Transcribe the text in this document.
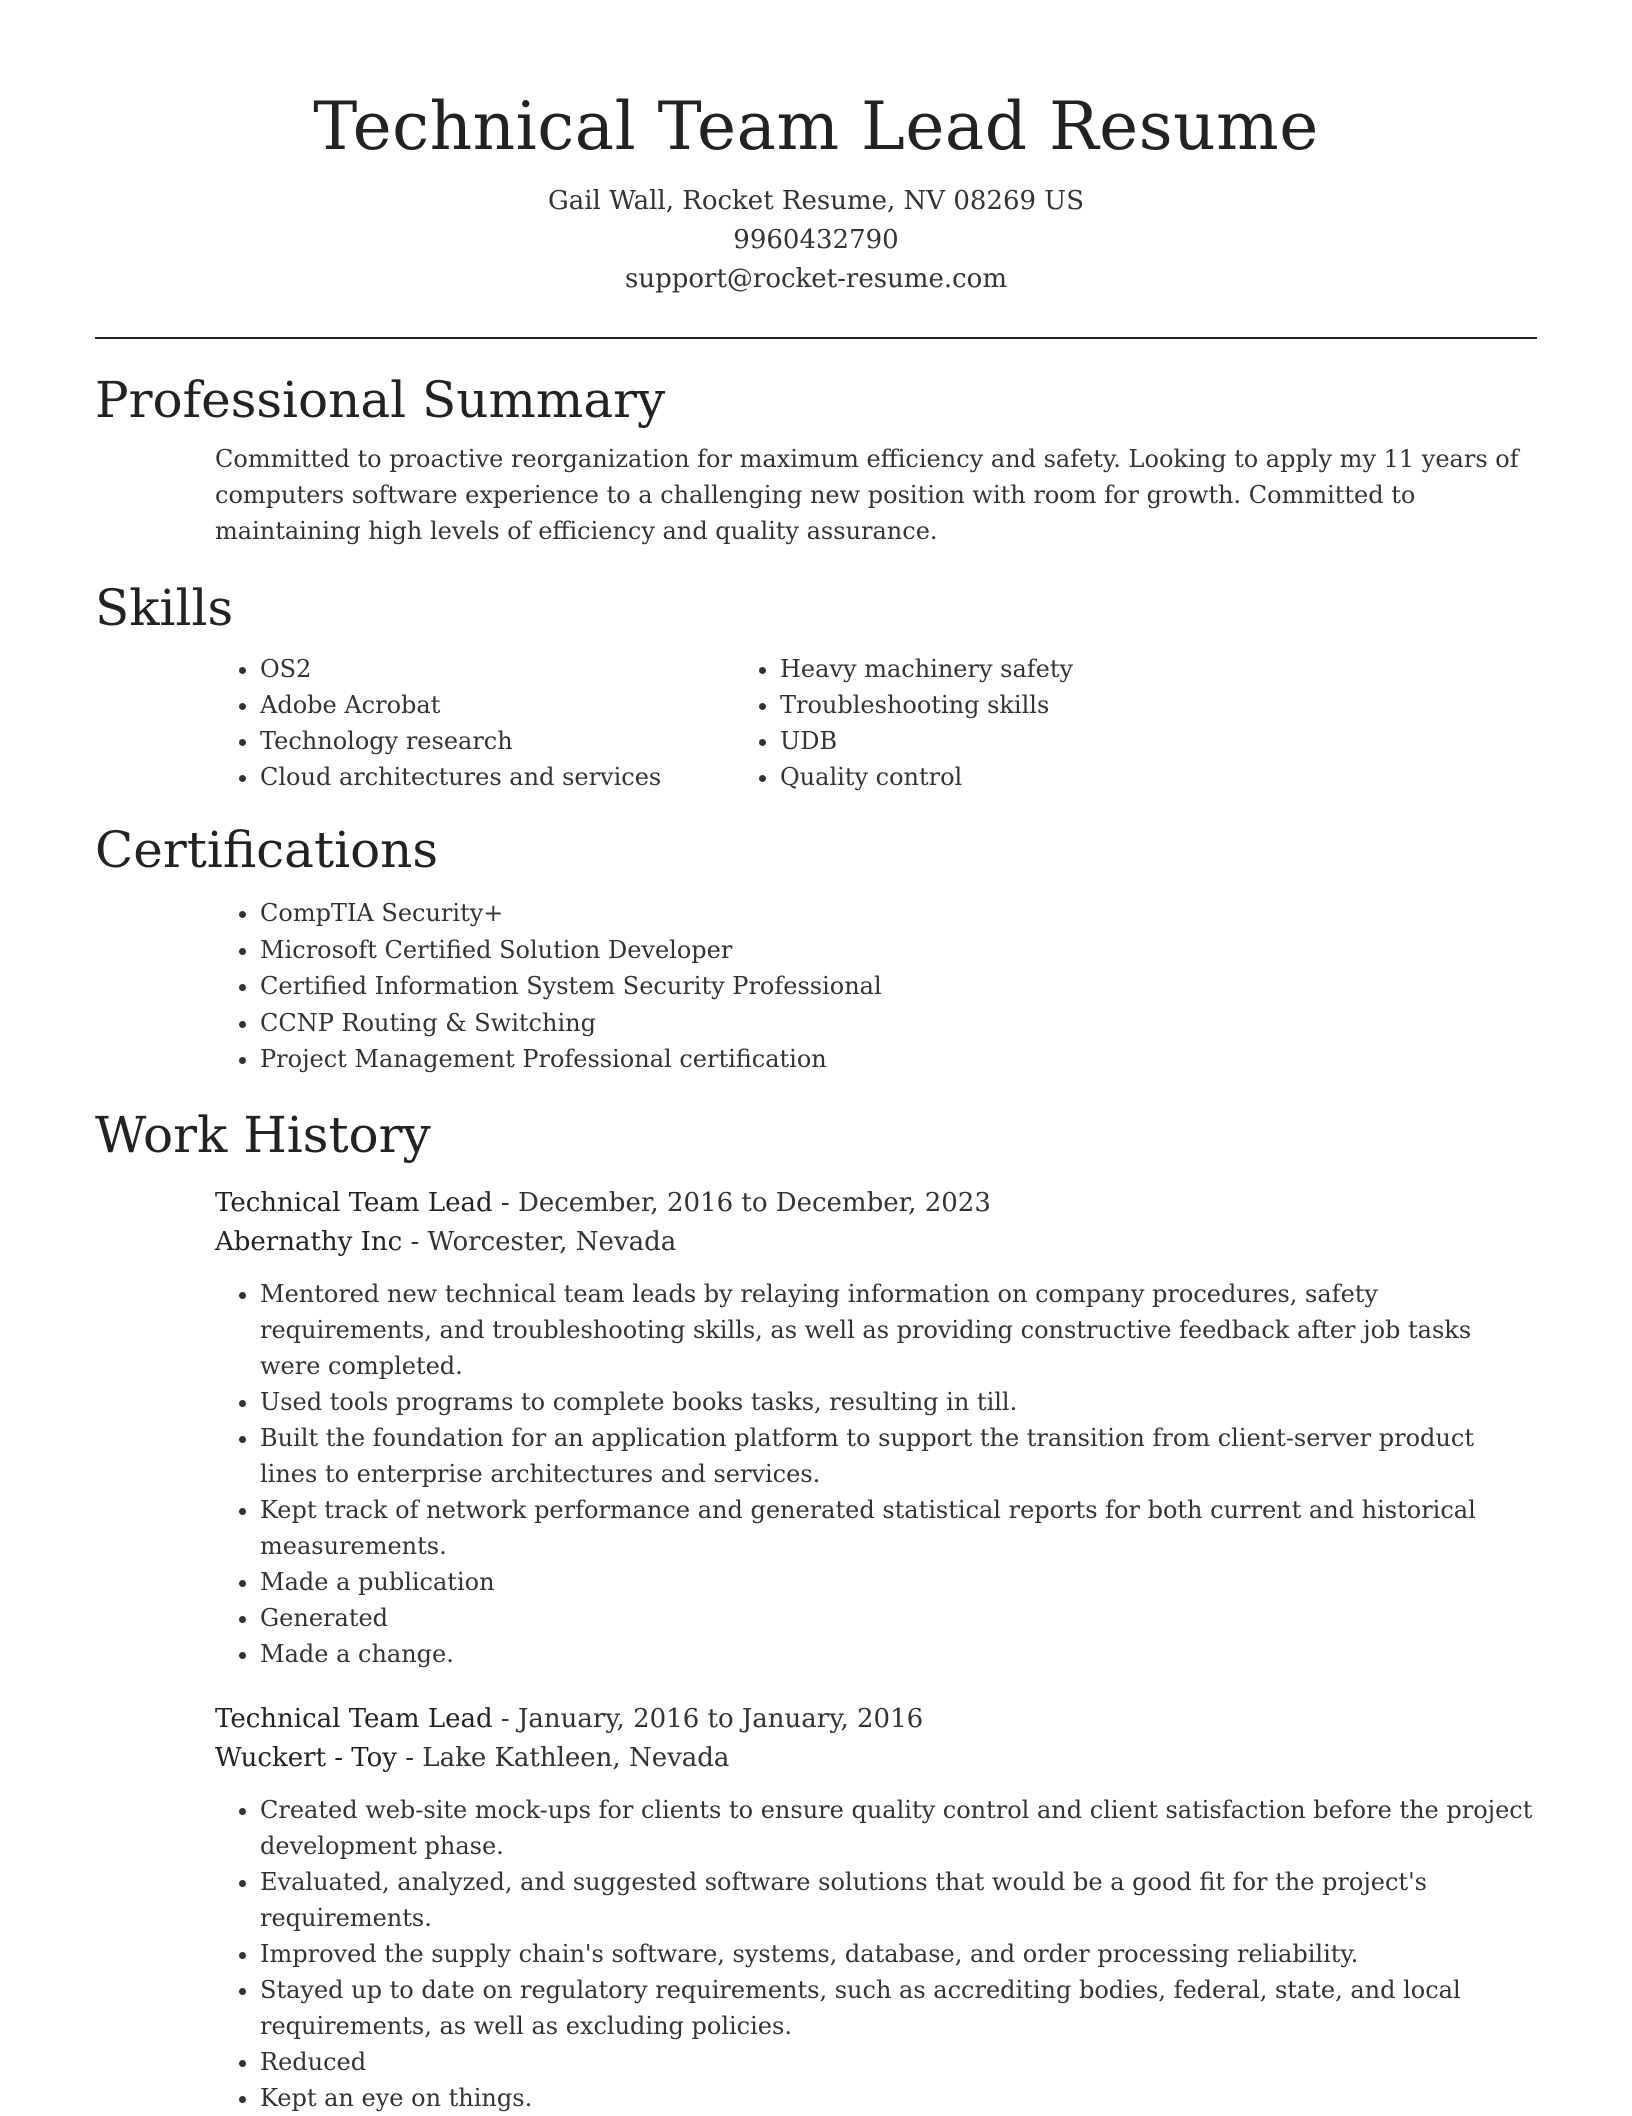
Technical Team Lead Resume
Gail Wall, Rocket Resume, NV 08269 US
9960432790
support@rocket-resume.com
Professional Summary

Committed to proactive reorganization for maximum efficiency and safety. Looking to apply my 11 years of computers software experience to a challenging new position with room for growth. Committed to maintaining high levels of efficiency and quality assurance.

Skills
• OS2
• Adobe Acrobat
• Technology research
• Cloud architectures and services
• Heavy machinery safety
• Troubleshooting skills
• UDB
• Quality control
Certifications
• CompTIA Security+
• Microsoft Certified Solution Developer
• Certified Information System Security Professional
• CCNP Routing & Switching
• Project Management Professional certification
Work History
Technical Team Lead - December, 2016 to December, 2023
Abernathy Inc - Worcester, Nevada
• Mentored new technical team leads by relaying information on company procedures, safety requirements, and troubleshooting skills, as well as providing constructive feedback after job tasks were completed.
• Used tools programs to complete books tasks, resulting in till.
• Built the foundation for an application platform to support the transition from client-server product lines to enterprise architectures and services.
• Kept track of network performance and generated statistical reports for both current and historical measurements.
• Made a publication
• Generated
• Made a change.
Technical Team Lead - January, 2016 to January, 2016
Wuckert - Toy - Lake Kathleen, Nevada
• Created web-site mock-ups for clients to ensure quality control and client satisfaction before the project development phase.
• Evaluated, analyzed, and suggested software solutions that would be a good fit for the project's requirements.
• Improved the supply chain's software, systems, database, and order processing reliability.
• Stayed up to date on regulatory requirements, such as accrediting bodies, federal, state, and local requirements, as well as excluding policies.
• Reduced
• Kept an eye on things.
